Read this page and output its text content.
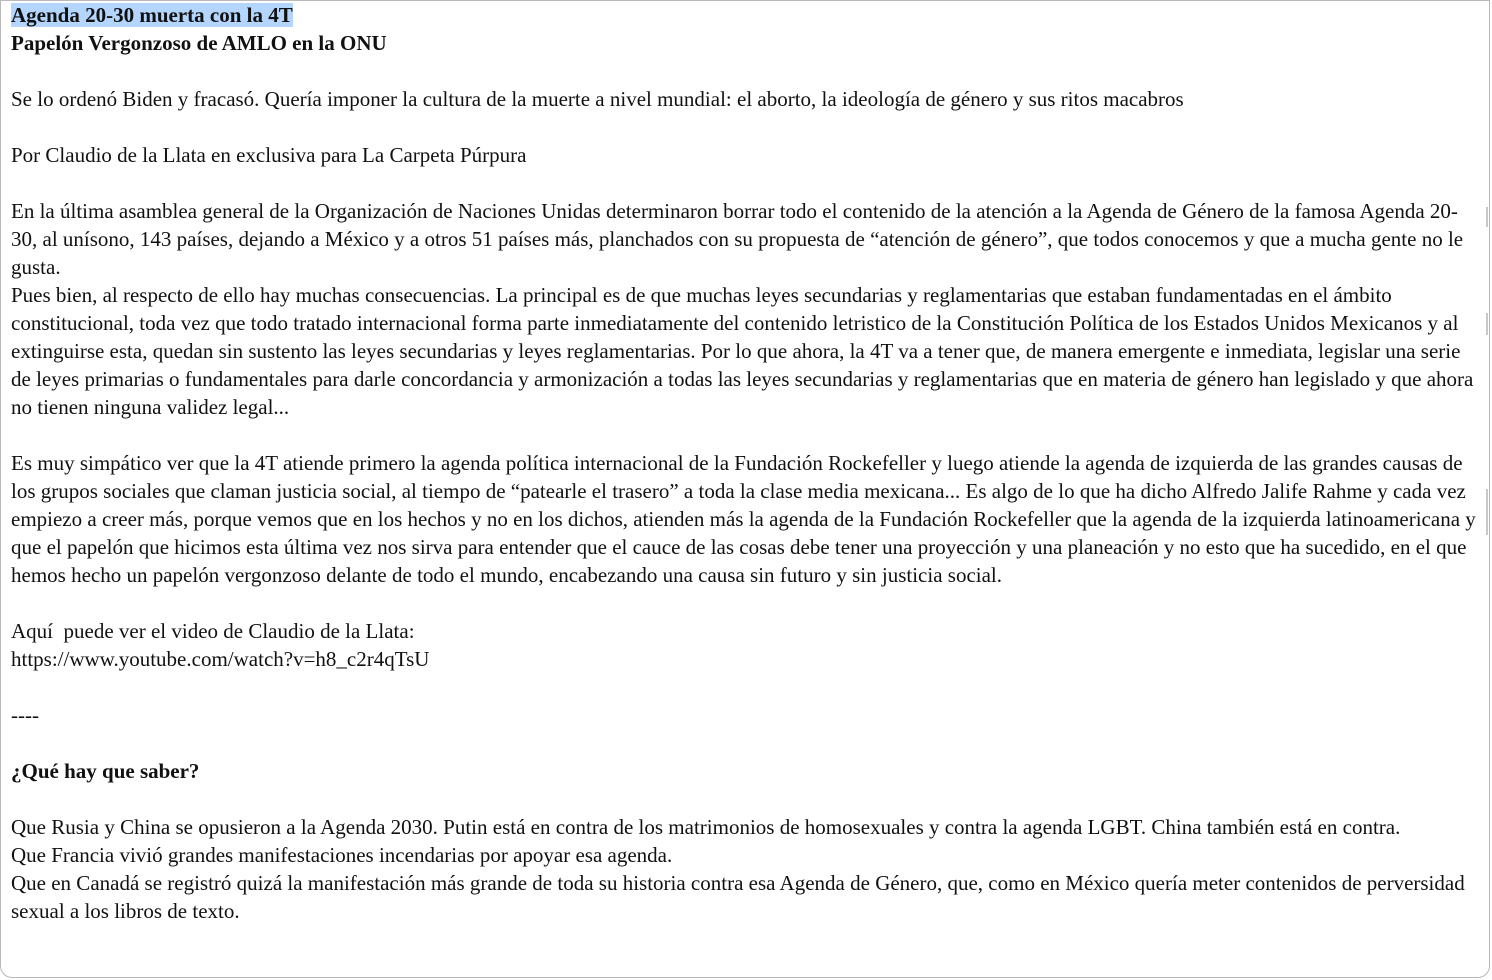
Agenda 20-30 muerta con la 4T

Papelón Vergonzoso de AMLO en la ONU

Se lo ordenó Biden y fracasó. Quería imponer la cultura de la muerte a nivel mundial: el aborto, la ideología de género y sus ritos macabros

Por Claudio de la Llata en exclusiva para La Carpeta Púrpura

En la última asamblea general de la Organización de Naciones Unidas determinaron borrar todo el contenido de la atención a la Agenda de Género de la famosa Agenda 20-30, al unísono, 143 países, dejando a México y a otros 51 países más, planchados con su propuesta de “atención de género”, que todos conocemos y que a mucha gente no le gusta.

Pues bien, al respecto de ello hay muchas consecuencias. La principal es de que muchas leyes secundarias y reglamentarias que estaban fundamentadas en el ámbito constitucional, toda vez que todo tratado internacional forma parte inmediatamente del contenido letristico de la Constitución Política de los Estados Unidos Mexicanos y al extinguirse esta, quedan sin sustento las leyes secundarias y leyes reglamentarias. Por lo que ahora, la 4T va a tener que, de manera emergente e inmediata, legislar una serie de leyes primarias o fundamentales para darle concordancia y armonización a todas las leyes secundarias y reglamentarias que en materia de género han legislado y que ahora no tienen ninguna validez legal...

Es muy simpático ver que la 4T atiende primero la agenda política internacional de la Fundación Rockefeller y luego atiende la agenda de izquierda de las grandes causas de los grupos sociales que claman justicia social, al tiempo de “patearle el trasero” a toda la clase media mexicana... Es algo de lo que ha dicho Alfredo Jalife Rahme y cada vez empiezo a creer más, porque vemos que en los hechos y no en los dichos, atienden más la agenda de la Fundación Rockefeller que la agenda de la izquierda latinoamericana y que el papelón que hicimos esta última vez nos sirva para entender que el cauce de las cosas debe tener una proyección y una planeación y no esto que ha sucedido, en el que hemos hecho un papelón vergonzoso delante de todo el mundo, encabezando una causa sin futuro y sin justicia social.

Aquí  puede ver el video de Claudio de la Llata:

https://www.youtube.com/watch?v=h8_c2r4qTsU

----

¿Qué hay que saber?

Que Rusia y China se opusieron a la Agenda 2030. Putin está en contra de los matrimonios de homosexuales y contra la agenda LGBT. China también está en contra.

Que Francia vivió grandes manifestaciones incendarias por apoyar esa agenda.

Que en Canadá se registró quizá la manifestación más grande de toda su historia contra esa Agenda de Género, que, como en México quería meter contenidos de perversidad sexual a los libros de texto.
